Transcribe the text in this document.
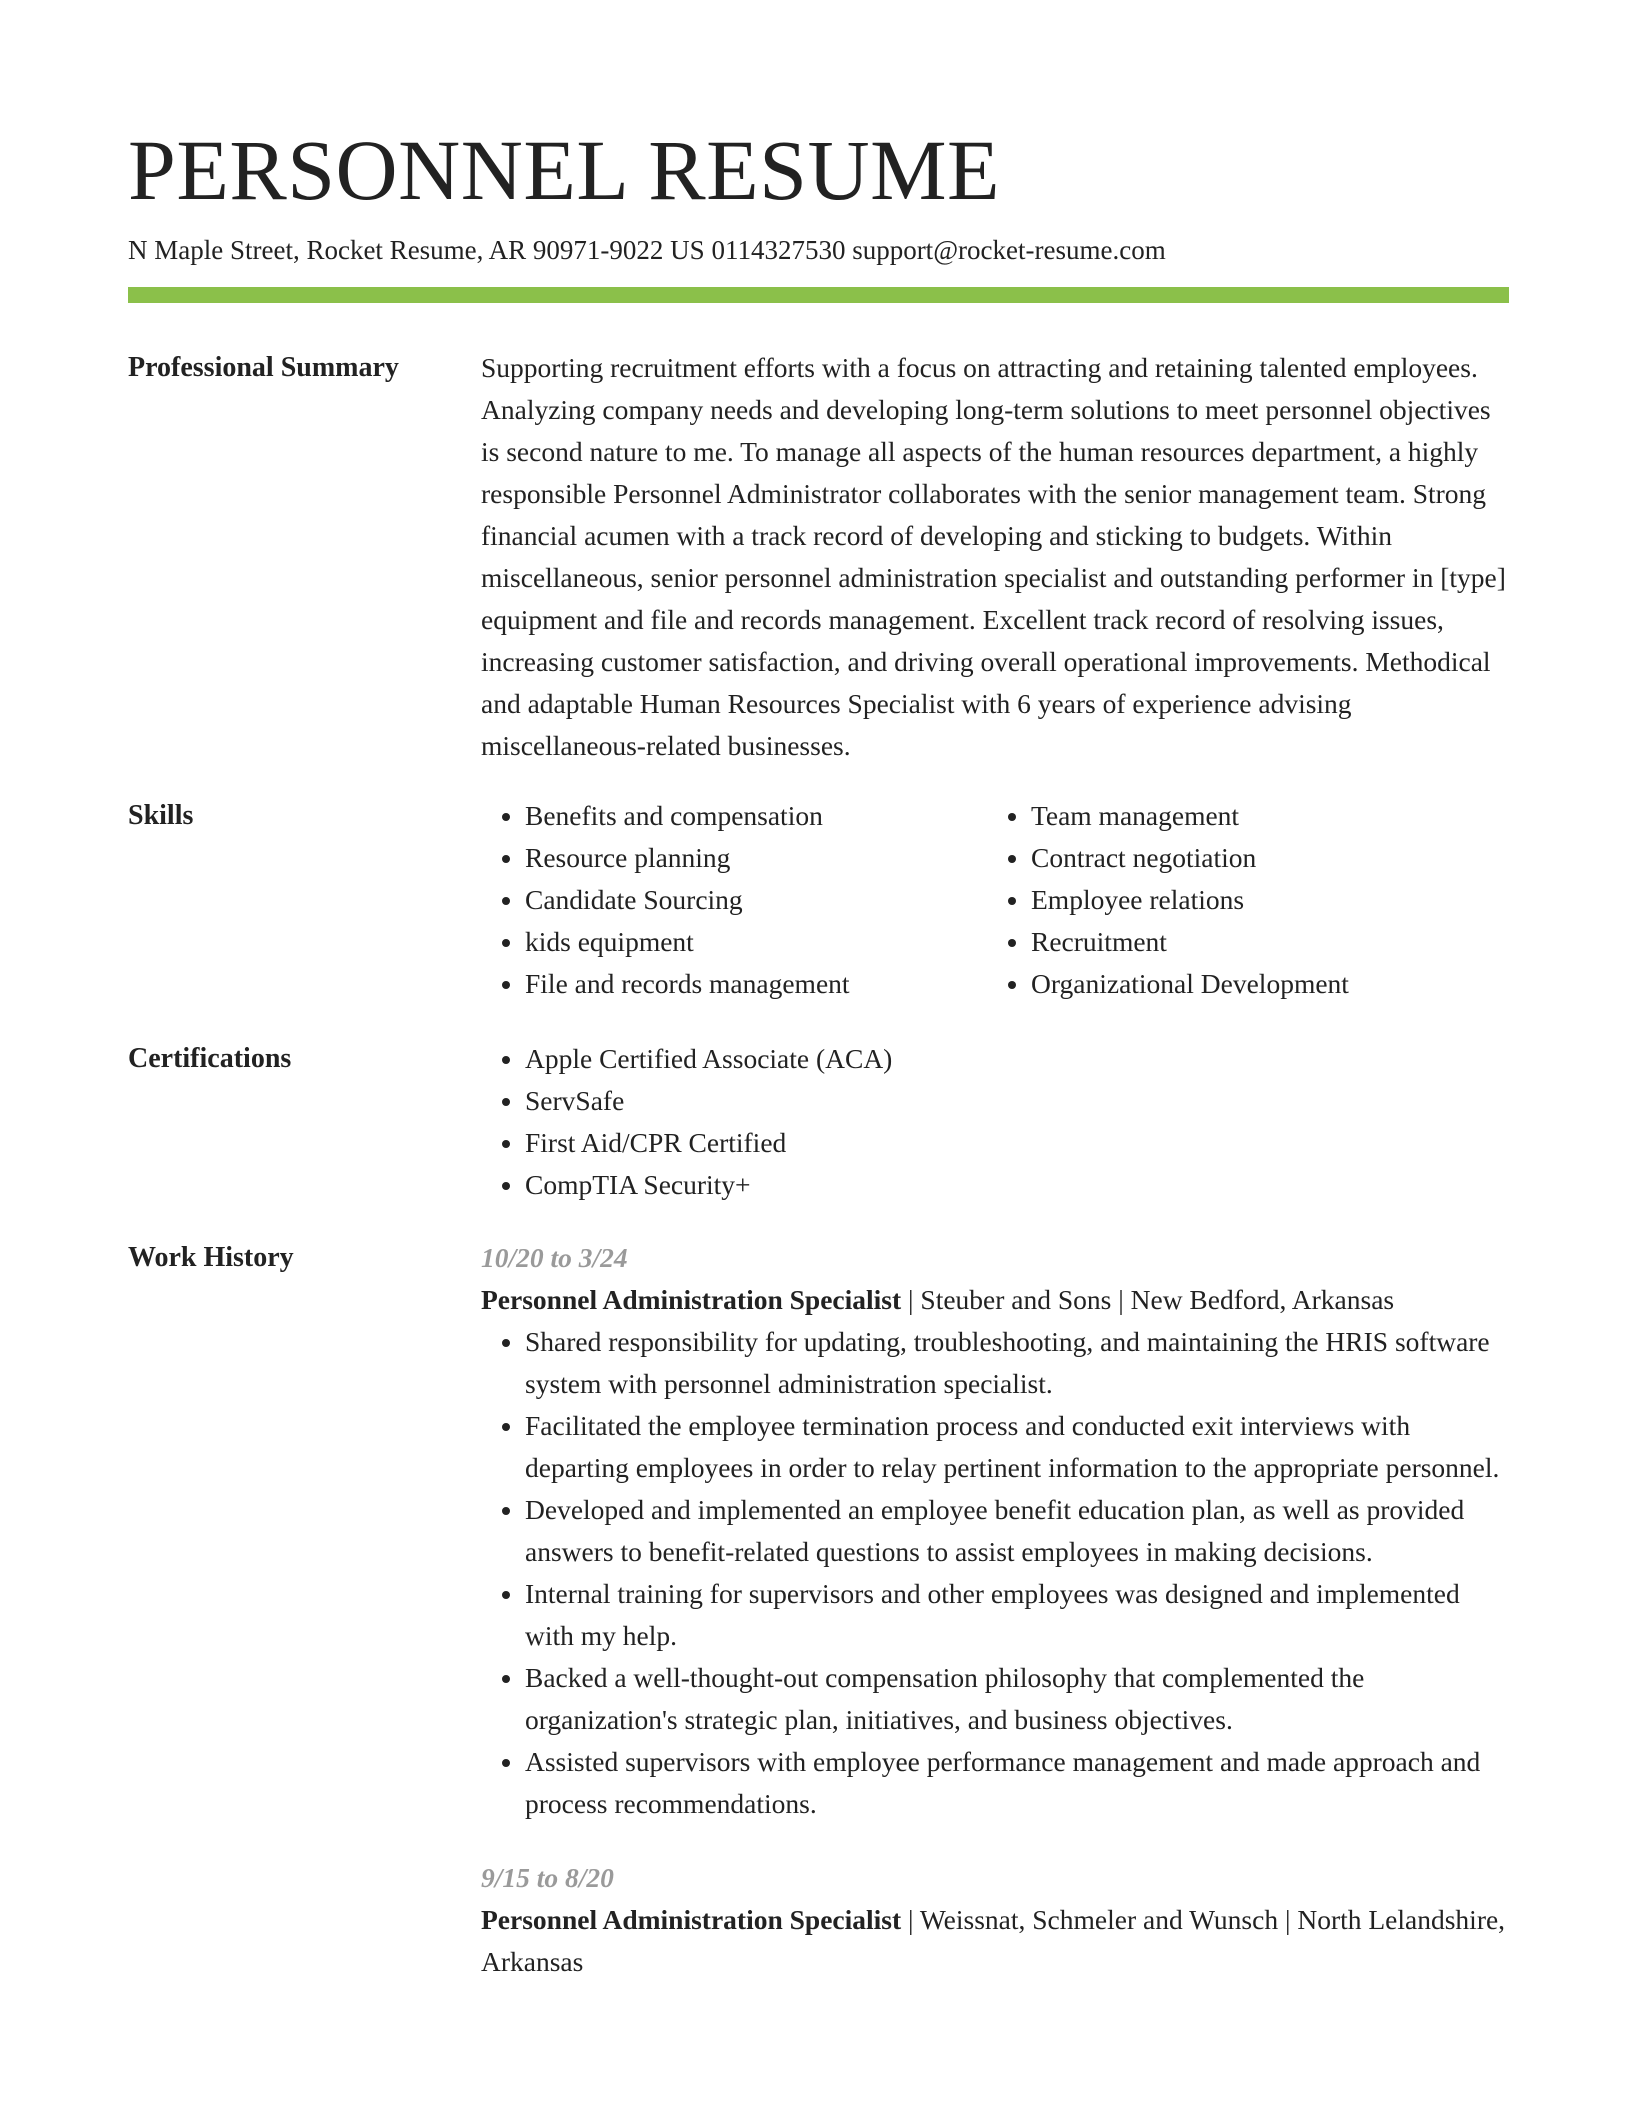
PERSONNEL RESUME
N Maple Street, Rocket Resume, AR 90971-9022 US 0114327530 support@rocket-resume.com
Professional Summary	Supporting recruitment efforts with a focus on attracting and retaining talented employees. Analyzing company needs and developing long-term solutions to meet personnel objectives is second nature to me. To manage all aspects of the human resources department, a highly responsible Personnel Administrator collaborates with the senior management team. Strong financial acumen with a track record of developing and sticking to budgets. Within miscellaneous, senior personnel administration specialist and outstanding performer in [type] equipment and file and records management. Excellent track record of resolving issues, increasing customer satisfaction, and driving overall operational improvements. Methodical and adaptable Human Resources Specialist with 6 years of experience advising miscellaneous-related businesses.

Skills	• Benefits and compensation
• Resource planning
• Candidate Sourcing
• kids equipment
• File and records management
• Team management
• Contract negotiation
• Employee relations
• Recruitment
• Organizational Development
Certifications	• Apple Certified Associate (ACA)
• ServSafe
• First Aid/CPR Certified
• CompTIA Security+
Work History	10/20 to 3/24
Personnel Administration Specialist | Steuber and Sons | New Bedford, Arkansas
• Shared responsibility for updating, troubleshooting, and maintaining the HRIS software system with personnel administration specialist.
• Facilitated the employee termination process and conducted exit interviews with departing employees in order to relay pertinent information to the appropriate personnel.
• Developed and implemented an employee benefit education plan, as well as provided answers to benefit-related questions to assist employees in making decisions.
• Internal training for supervisors and other employees was designed and implemented with my help.
• Backed a well-thought-out compensation philosophy that complemented the organization's strategic plan, initiatives, and business objectives.
• Assisted supervisors with employee performance management and made approach and process recommendations.
9/15 to 8/20
Personnel Administration Specialist | Weissnat, Schmeler and Wunsch | North Lelandshire, Arkansas
